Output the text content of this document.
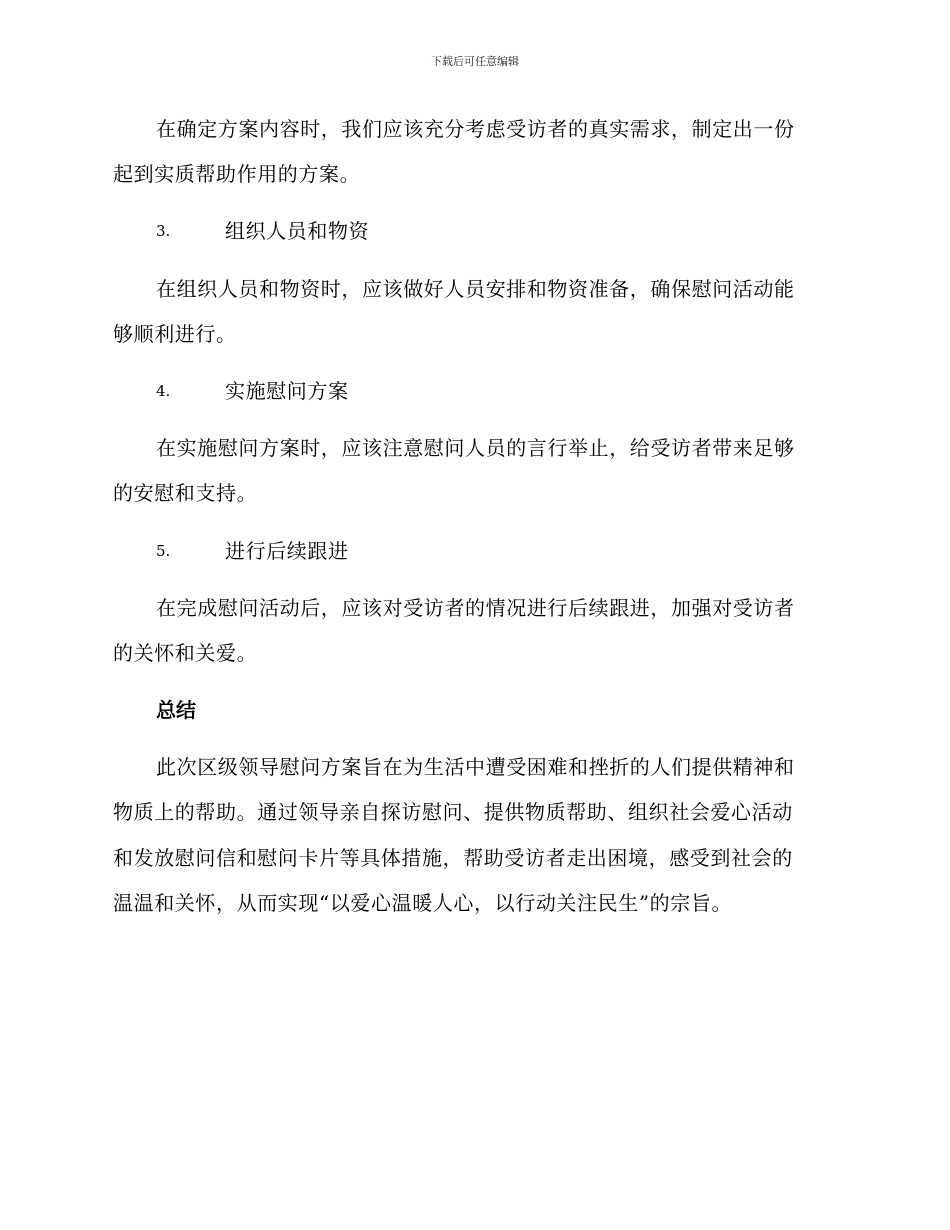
下载后可任意编辑
在确定方案内容时，我们应该充分考虑受访者的真实需求，制定出一份
起到实质帮助作用的方案。
3.	组织人员和物资
在组织人员和物资时，应该做好人员安排和物资准备，确保慰问活动能
够顺利进行。
4.	实施慰问方案
在实施慰问方案时，应该注意慰问人员的言行举止，给受访者带来足够
的安慰和支持。
5.	进行后续跟进
在完成慰问活动后，应该对受访者的情况进行后续跟进，加强对受访者
的关怀和关爱。
总结
此次区级领导慰问方案旨在为生活中遭受困难和挫折的人们提供精神和
物质上的帮助。通过领导亲自探访慰问、提供物质帮助、组织社会爱心活动
和发放慰问信和慰问卡片等具体措施，帮助受访者走出困境，感受到社会的
温温和关怀，从而实现“以爱心温暖人心，以行动关注民生”的宗旨。
